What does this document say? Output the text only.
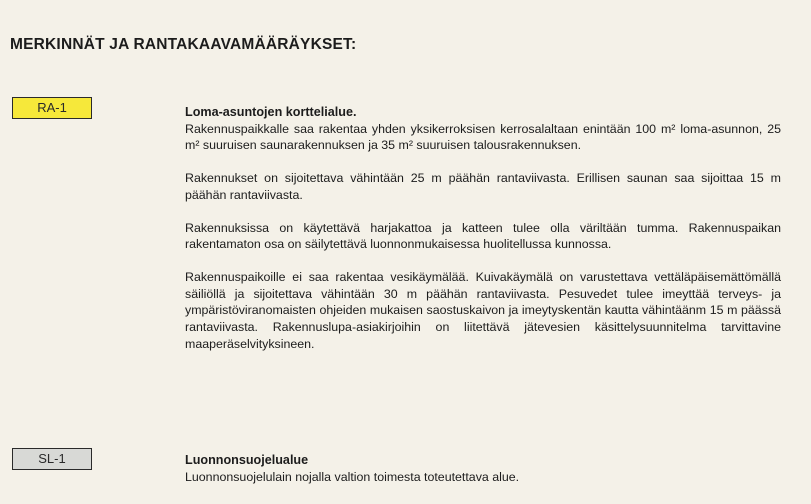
MERKINNÄT JA RANTAKAAVAMÄÄRÄYKSET:
RA-1	Loma-asuntojen korttelialue.

Rakennuspaikkalle saa rakentaa yhden yksikerroksisen kerrosalaltaan enintään 100 m² loma-asunnon, 25 m² suuruisen saunarakennuksen ja 35 m² suuruisen talousrakennuksen.

Rakennukset on sijoitettava vähintään 25 m päähän rantaviivasta. Erillisen saunan saa sijoittaa 15 m päähän rantaviivasta.

Rakennuksissa on käytettävä harjakattoa ja katteen tulee olla väriltään tumma. Rakennuspaikan rakentamaton osa on säilytettävä luonnonmukaisessa huolitellussa kunnossa.

Rakennuspaikoille ei saa rakentaa vesikäymälää. Kuivakäymälä on varustettava vettäläpäisemättömällä säiliöllä ja sijoitettava vähintään 30 m päähän rantaviivasta. Pesuvedet tulee imeyttää terveys- ja ympäristöviranomaisten ohjeiden mukaisen saostuskaivon ja imeytyskentän kautta vähintäänm 15 m päässä rantaviivasta. Rakennuslupa-asiakirjoihin on liitettävä jätevesien käsittelysuunnitelma tarvittavine maaperäselvityksineen.

SL-1	Luonnonsuojelualue

Luonnonsuojelulain nojalla valtion toimesta toteutettava alue.
